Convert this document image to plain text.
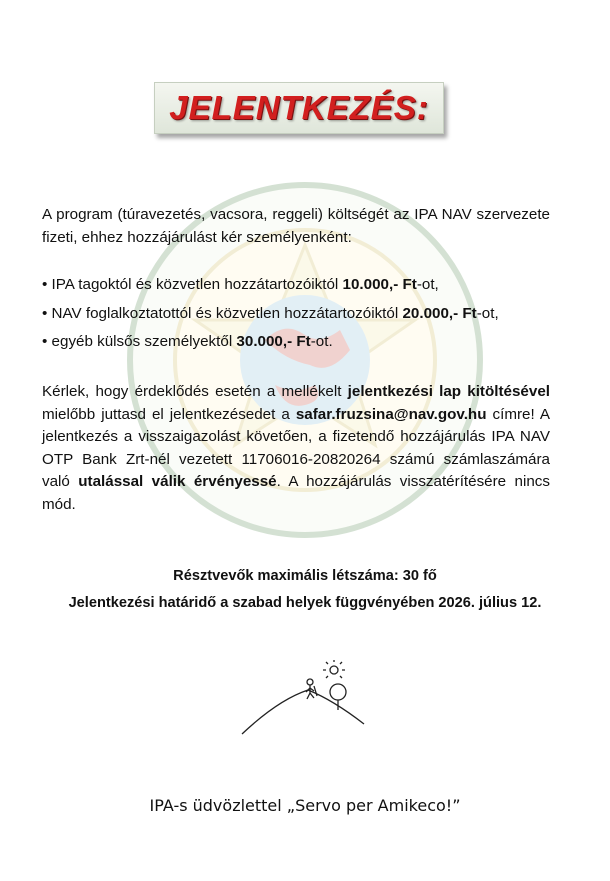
JELENTKEZÉS:
A program (túravezetés, vacsora, reggeli) költségét az IPA NAV szervezete fizeti, ehhez hozzájárulást kér személyenként:
• IPA tagoktól és közvetlen hozzátartozóiktól 10.000,- Ft-ot,
• NAV foglalkoztatottól és közvetlen hozzátartozóiktól 20.000,- Ft-ot,
• egyéb külsős személyektől 30.000,- Ft-ot.
Kérlek, hogy érdeklődés esetén a mellékelt jelentkezési lap kitöltésével mielőbb juttasd el jelentkezésedet a safar.fruzsina@nav.gov.hu címre! A jelentkezés a visszaigazolást követően, a fizetendő hozzájárulás IPA NAV OTP Bank Zrt-nél vezetett 11706016-20820264 számú számlaszámára való utalással válik érvényessé. A hozzájárulás visszatérítésére nincs mód.
Résztvevők maximális létszáma: 30 fő
Jelentkezési határidő a szabad helyek függvényében 2026. július 12.
IPA-s üdvözlettel „Servo per Amikeco!”
